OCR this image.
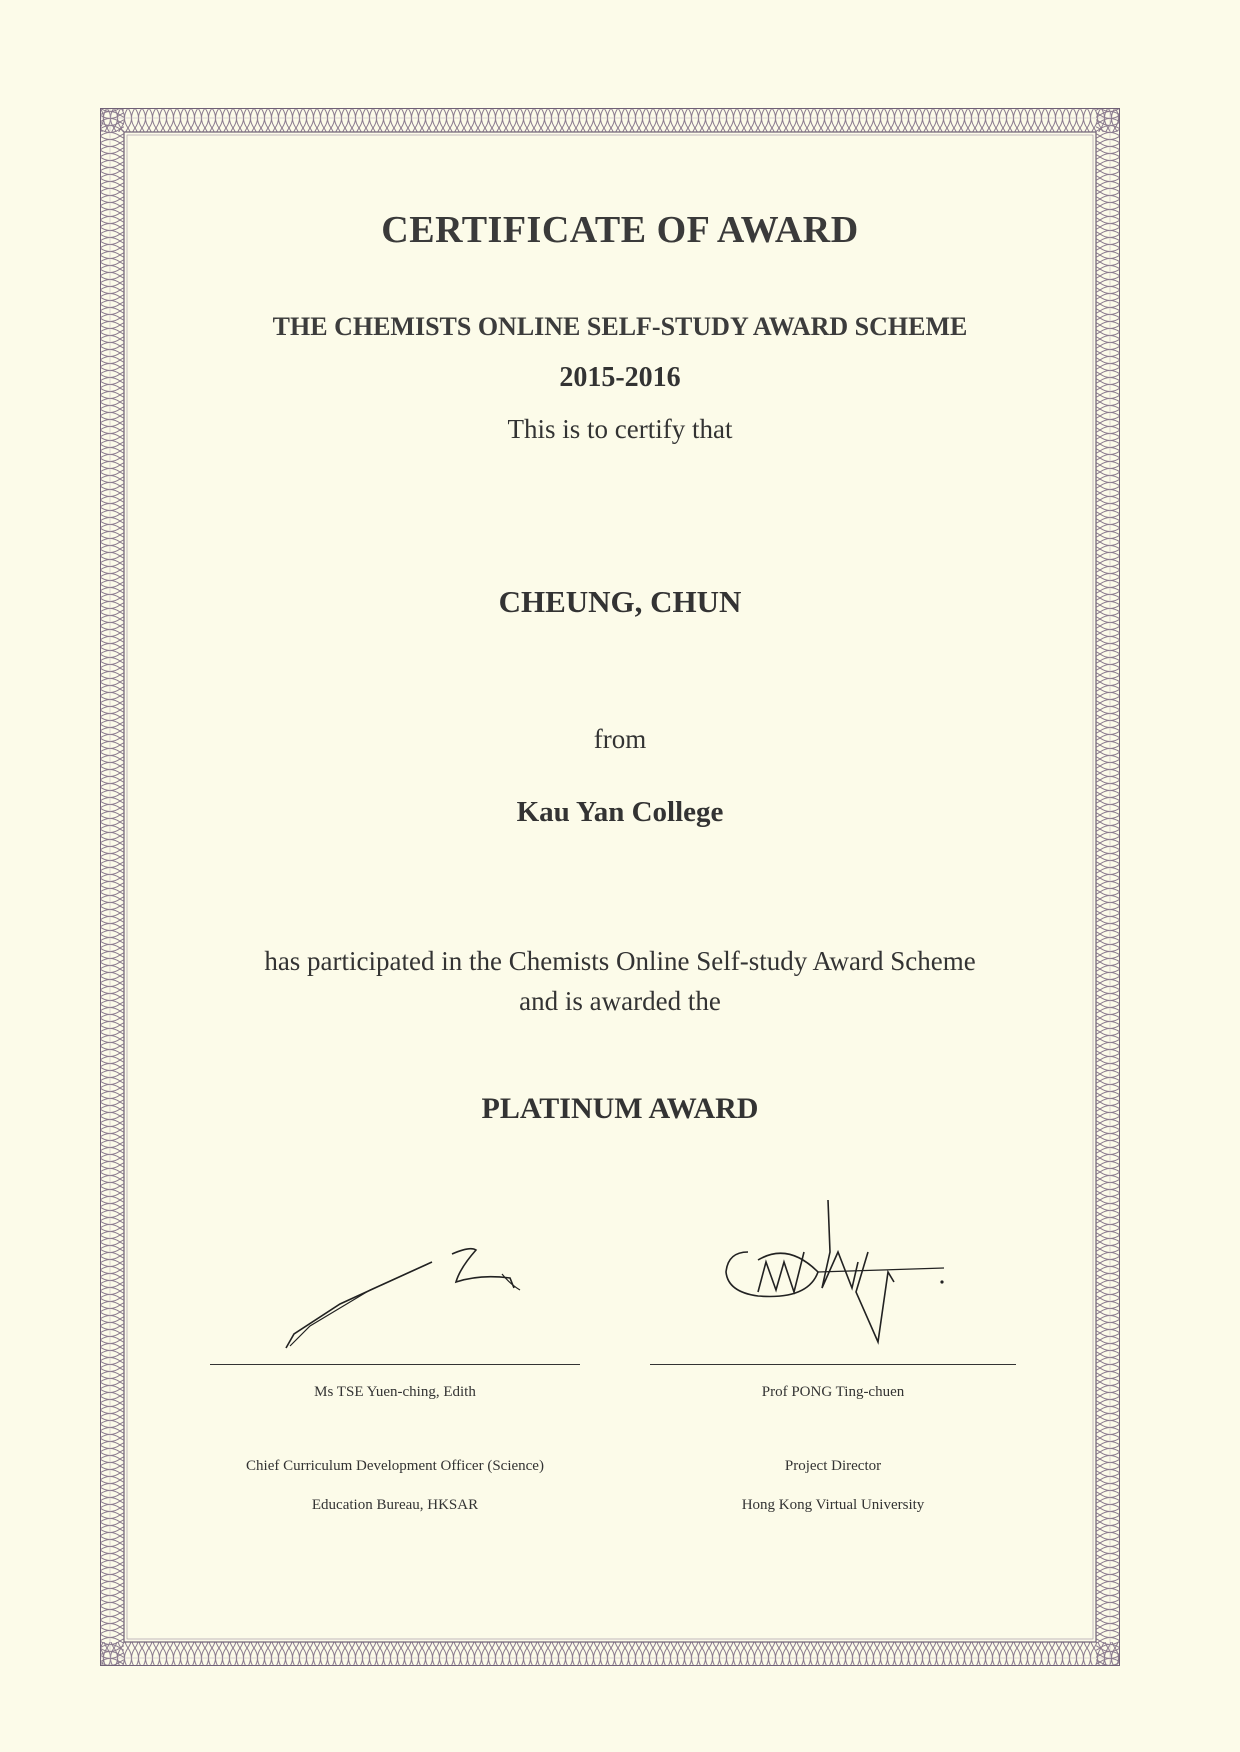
CERTIFICATE OF AWARD
THE CHEMISTS ONLINE SELF-STUDY AWARD SCHEME
2015-2016
This is to certify that
CHEUNG, CHUN
from
Kau Yan College
has participated in the Chemists Online Self-study Award Scheme
and is awarded the
PLATINUM AWARD
Ms TSE Yuen-ching, Edith
Chief Curriculum Development Officer (Science)
Education Bureau, HKSAR
Prof PONG Ting-chuen
Project Director
Hong Kong Virtual University
